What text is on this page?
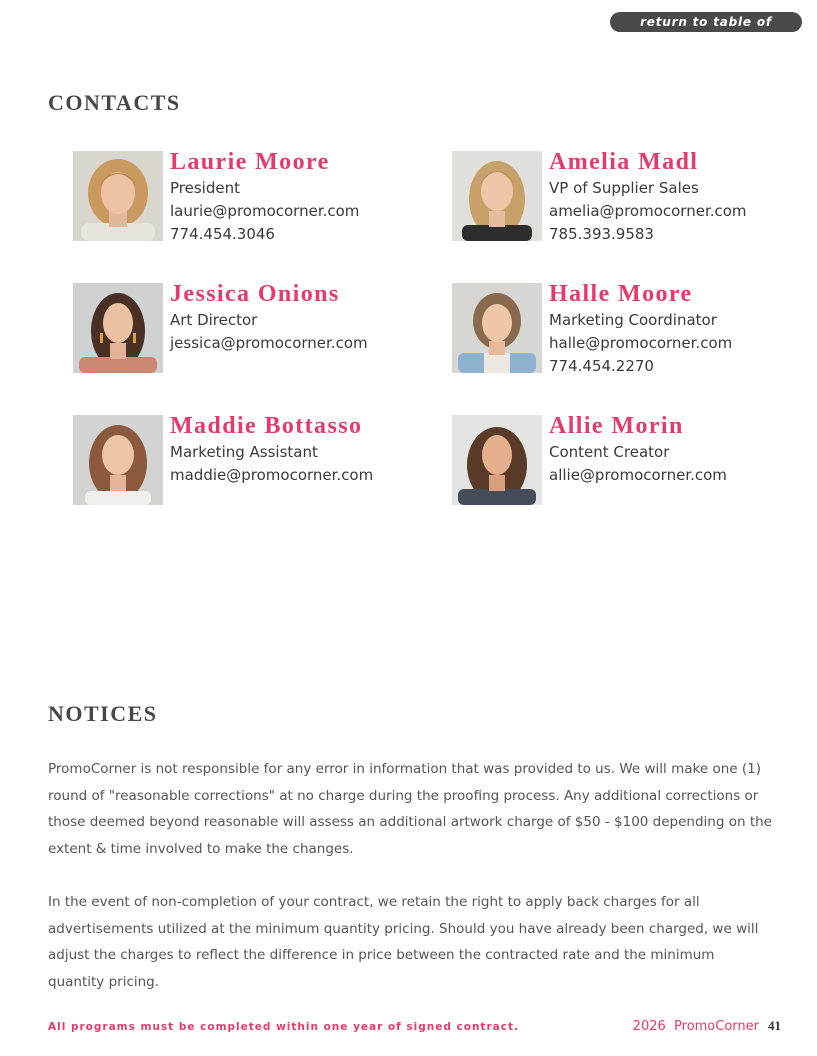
return to table of contents
CONTACTS
Laurie Moore
President
laurie@promocorner.com
774.454.3046
Amelia Madl
VP of Supplier Sales
amelia@promocorner.com
785.393.9583
Jessica Onions
Art Director
jessica@promocorner.com
Halle Moore
Marketing Coordinator
halle@promocorner.com
774.454.2270
Maddie Bottasso
Marketing Assistant
maddie@promocorner.com
Allie Morin
Content Creator
allie@promocorner.com
NOTICES

PromoCorner is not responsible for any error in information that was provided to us. We will make one (1) round of "reasonable corrections" at no charge during the proofing process. Any additional corrections or those deemed beyond reasonable will assess an additional artwork charge of $50 - $100 depending on the extent & time involved to make the changes.

In the event of non-completion of your contract, we retain the right to apply back charges for all advertisements utilized at the minimum quantity pricing. Should you have already been charged, we will adjust the charges to reflect the difference in price between the contracted rate and the minimum quantity pricing.

All programs must be completed within one year of signed contract.	2026  PromoCorner 41
